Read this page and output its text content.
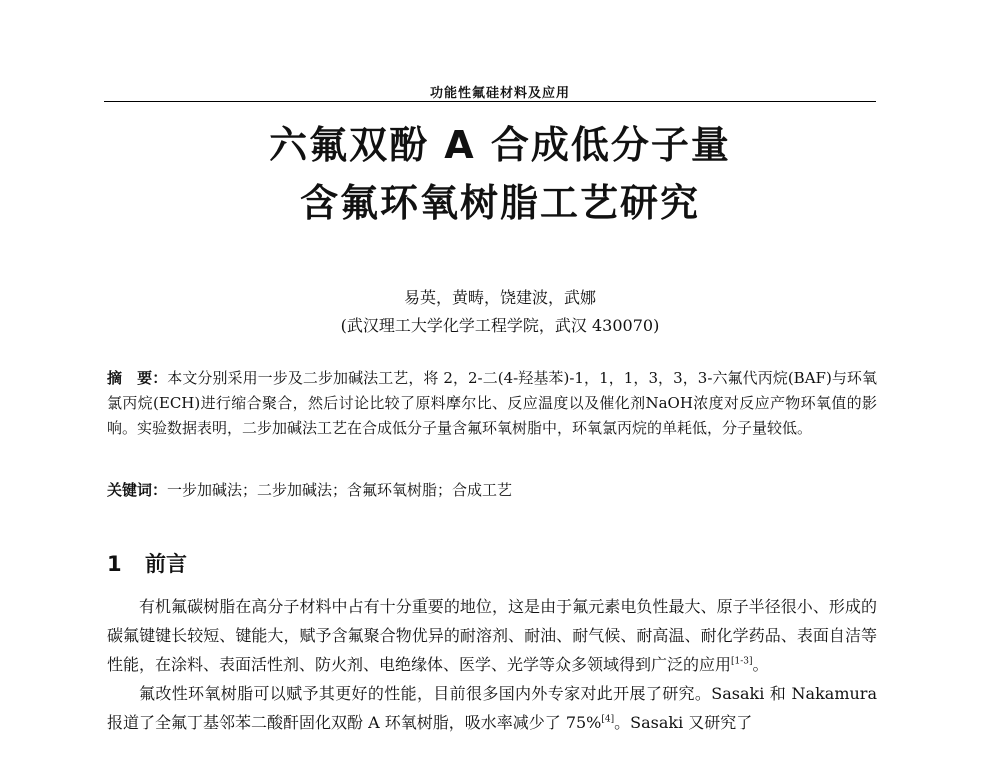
功能性氟硅材料及应用
六氟双酚 A 合成低分子量
含氟环氧树脂工艺研究
易英，黄畴，饶建波，武娜
(武汉理工大学化学工程学院，武汉 430070)
摘　要：本文分别采用一步及二步加碱法工艺，将 2，2-二(4-羟基苯)-1，1，1，3，3，3-六氟代丙烷(BAF)与环氧氯丙烷(ECH)进行缩合聚合，然后讨论比较了原料摩尔比、反应温度以及催化剂NaOH浓度对反应产物环氧值的影响。实验数据表明，二步加碱法工艺在合成低分子量含氟环氧树脂中，环氧氯丙烷的单耗低，分子量较低。
关键词：一步加碱法；二步加碱法；含氟环氧树脂；合成工艺
1 前言

有机氟碳树脂在高分子材料中占有十分重要的地位，这是由于氟元素电负性最大、原子半径很小、形成的碳氟键键长较短、键能大，赋予含氟聚合物优异的耐溶剂、耐油、耐气候、耐高温、耐化学药品、表面自洁等性能，在涂料、表面活性剂、防火剂、电绝缘体、医学、光学等众多领域得到广泛的应用[1-3]。

氟改性环氧树脂可以赋予其更好的性能，目前很多国内外专家对此开展了研究。Sasaki 和 Nakamura 报道了全氟丁基邻苯二酸酐固化双酚 A 环氧树脂，吸水率减少了 75%[4]。Sasaki 又研究了
